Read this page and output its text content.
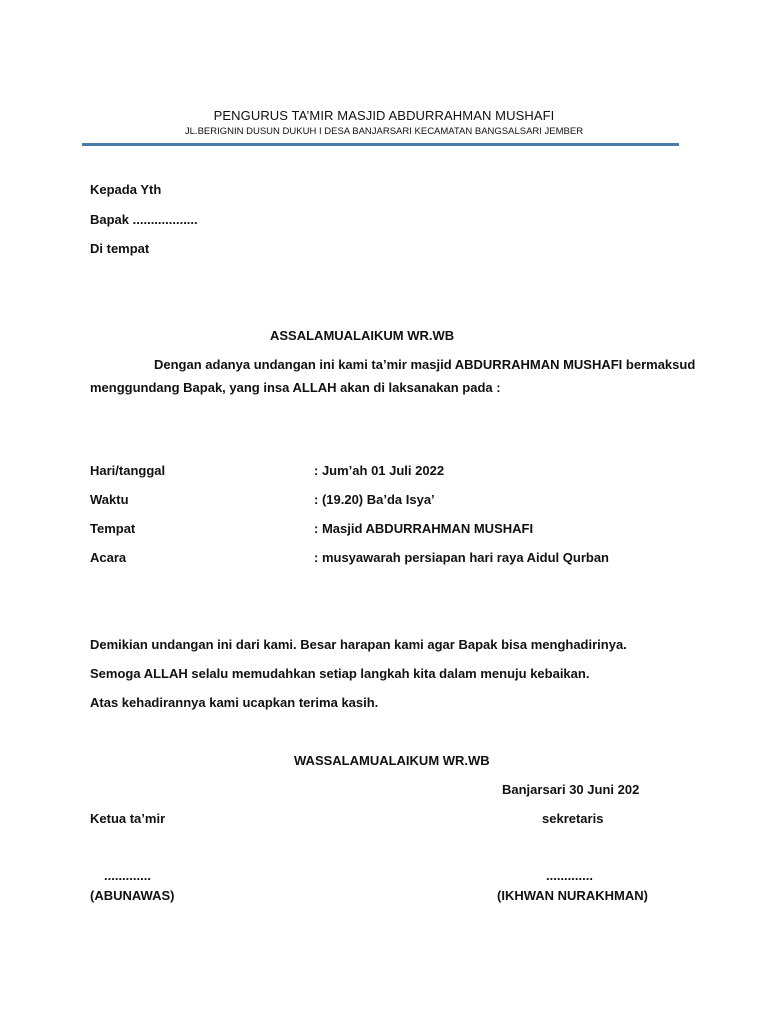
PENGURUS TA’MIR MASJID ABDURRAHMAN MUSHAFI
JL.BERIGNIN DUSUN DUKUH I DESA BANJARSARI KECAMATAN BANGSALSARI JEMBER
Kepada Yth
Bapak ..................
Di tempat
ASSALAMUALAIKUM WR.WB
Dengan adanya undangan ini kami ta’mir masjid ABDURRAHMAN MUSHAFI bermaksud
menggundang Bapak, yang insa ALLAH akan di laksanakan pada :
Hari/tanggal	: Jum’ah 01 Juli 2022
Waktu	: (19.20) Ba’da Isya’
Tempat	: Masjid ABDURRAHMAN MUSHAFI
Acara	: musyawarah persiapan hari raya Aidul Qurban
Demikian undangan ini dari kami. Besar harapan kami agar Bapak bisa menghadirinya.
Semoga ALLAH selalu memudahkan setiap langkah kita dalam menuju kebaikan.
Atas kehadirannya kami ucapkan terima kasih.
WASSALAMUALAIKUM WR.WB
Banjarsari 30 Juni 202
Ketua ta’mir	sekretaris
.............	.............
(ABUNAWAS)	(IKHWAN NURAKHMAN)
